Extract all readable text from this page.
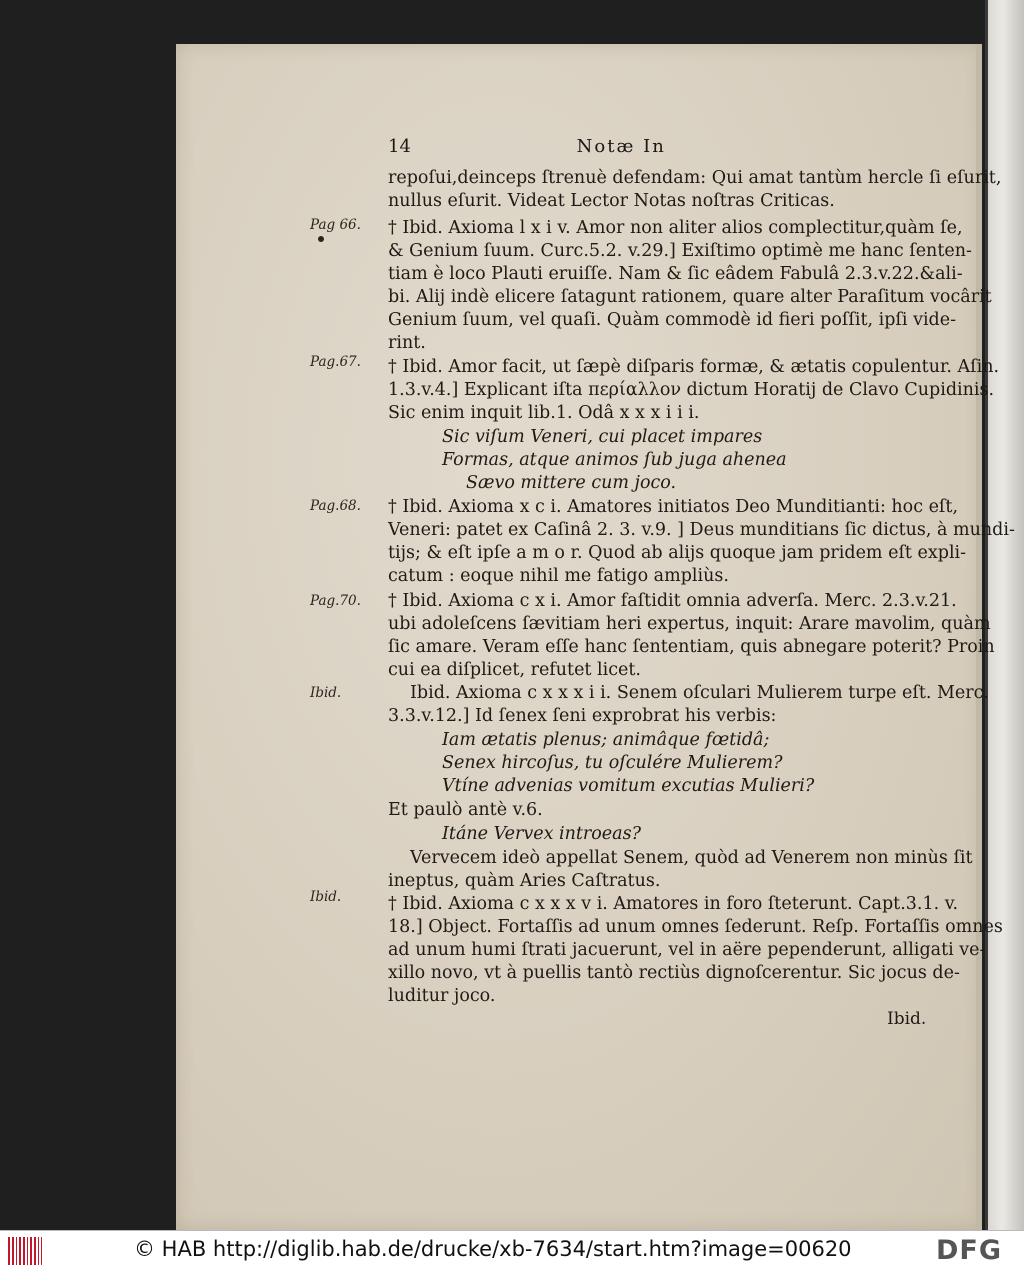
14	Notæ In
repoſui,deinceps ſtrenuè defendam: Qui amat tantùm hercle ſi eſurit,
nullus eſurit. Videat Lector Notas noſtras Criticas.
† Ibid. Axioma l x i v. Amor non aliter alios complectitur,quàm ſe,
& Genium ſuum. Curc.5.2. v.29.] Exiſtimo optimè me hanc ſenten-
tiam è loco Plauti eruiſſe. Nam & ſic eâdem Fabulâ 2.3.v.22.&ali-
bi. Alij indè elicere ſatagunt rationem, quare alter Paraſitum vocârit
Genium ſuum, vel quaſi. Quàm commodè id fieri poſſit, ipſi vide-
rint.
† Ibid. Amor facit, ut ſæpè diſparis formæ, & ætatis copulentur. Aſin.
1.3.v.4.] Explicant iſta περίαλλον dictum Horatij de Clavo Cupidinis.
Sic enim inquit lib.1. Odâ x x x i i i.
Sic viſum Veneri, cui placet impares
Formas, atque animos ſub juga ahenea
Sævo mittere cum joco.
† Ibid. Axioma x c i. Amatores initiatos Deo Munditianti: hoc eſt,
Veneri: patet ex Caſinâ 2. 3. v.9. ] Deus munditians ſic dictus, à mundi-
tijs; & eſt ipſe a m o r. Quod ab alijs quoque jam pridem eſt expli-
catum : eoque nihil me fatigo ampliùs.
† Ibid. Axioma c x i. Amor faſtidit omnia adverſa. Merc. 2.3.v.21.
ubi adoleſcens ſævitiam heri expertus, inquit: Arare mavolim, quàm
ſic amare. Veram eſſe hanc ſententiam, quis abnegare poterit? Proin
cui ea diſplicet, refutet licet.
Ibid. Axioma c x x x i i. Senem oſculari Mulierem turpe eſt. Merc.
3.3.v.12.] Id ſenex ſeni exprobrat his verbis:
Iam ætatis plenus; animâque fœtidâ;
Senex hircoſus, tu oſculére Mulierem?
Vtíne advenias vomitum excutias Mulieri?
Et paulò antè v.6.
Itáne Vervex introeas?
Vervecem ideò appellat Senem, quòd ad Venerem non minùs ſit
ineptus, quàm Aries Caſtratus.
† Ibid. Axioma c x x x v i. Amatores in foro ſteterunt. Capt.3.1. v.
18.] Object. Fortaſſis ad unum omnes ſederunt. Reſp. Fortaſſis omnes
ad unum humi ſtrati jacuerunt, vel in aëre pependerunt, alligati ve-
xillo novo, vt à puellis tantò rectiùs dignoſcerentur. Sic jocus de-
luditur joco.
Pag 66.
Pag.67.
Pag.68.
Pag.70.
Ibid.
Ibid.
Ibid.
© HAB http://diglib.hab.de/drucke/xb-7634/start.htm?image=00620	DFG
